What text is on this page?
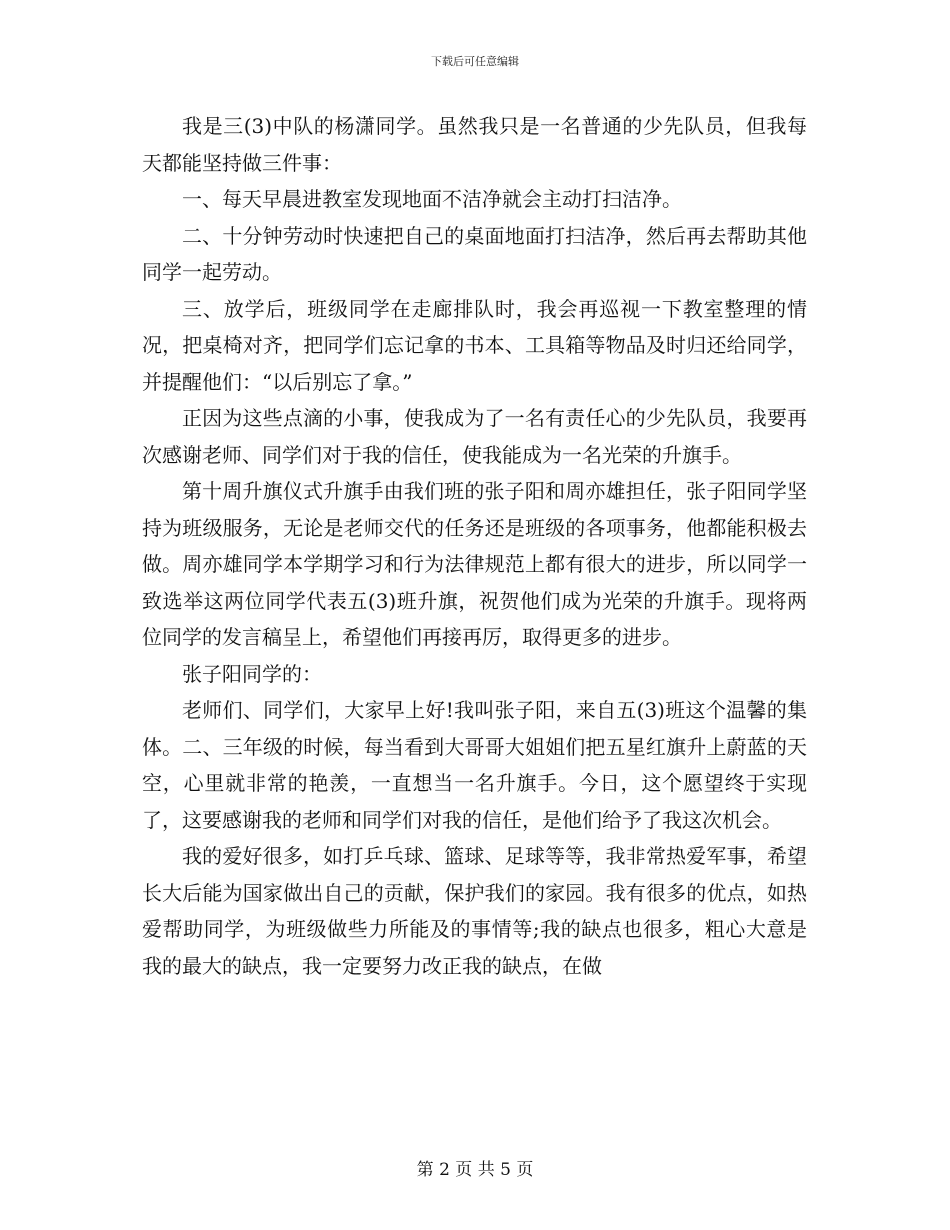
下载后可任意编辑

我是三(3)中队的杨潇同学。虽然我只是一名普通的少先队员，但我每天都能坚持做三件事：

一、每天早晨进教室发现地面不洁净就会主动打扫洁净。

二、十分钟劳动时快速把自己的桌面地面打扫洁净，然后再去帮助其他同学一起劳动。

三、放学后，班级同学在走廊排队时，我会再巡视一下教室整理的情况，把桌椅对齐，把同学们忘记拿的书本、工具箱等物品及时归还给同学，并提醒他们：“以后别忘了拿。”

正因为这些点滴的小事，使我成为了一名有责任心的少先队员，我要再次感谢老师、同学们对于我的信任，使我能成为一名光荣的升旗手。

第十周升旗仪式升旗手由我们班的张子阳和周亦雄担任，张子阳同学坚持为班级服务，无论是老师交代的任务还是班级的各项事务，他都能积极去做。周亦雄同学本学期学习和行为法律规范上都有很大的进步，所以同学一致选举这两位同学代表五(3)班升旗，祝贺他们成为光荣的升旗手。现将两位同学的发言稿呈上，希望他们再接再厉，取得更多的进步。

张子阳同学的：

老师们、同学们，大家早上好!我叫张子阳，来自五(3)班这个温馨的集体。二、三年级的时候，每当看到大哥哥大姐姐们把五星红旗升上蔚蓝的天空，心里就非常的艳羡，一直想当一名升旗手。今日，这个愿望终于实现了，这要感谢我的老师和同学们对我的信任，是他们给予了我这次机会。

我的爱好很多，如打乒乓球、篮球、足球等等，我非常热爱军事，希望长大后能为国家做出自己的贡献，保护我们的家园。我有很多的优点，如热爱帮助同学，为班级做些力所能及的事情等;我的缺点也很多，粗心大意是我的最大的缺点，我一定要努力改正我的缺点，在做

第 2 页 共 5 页
